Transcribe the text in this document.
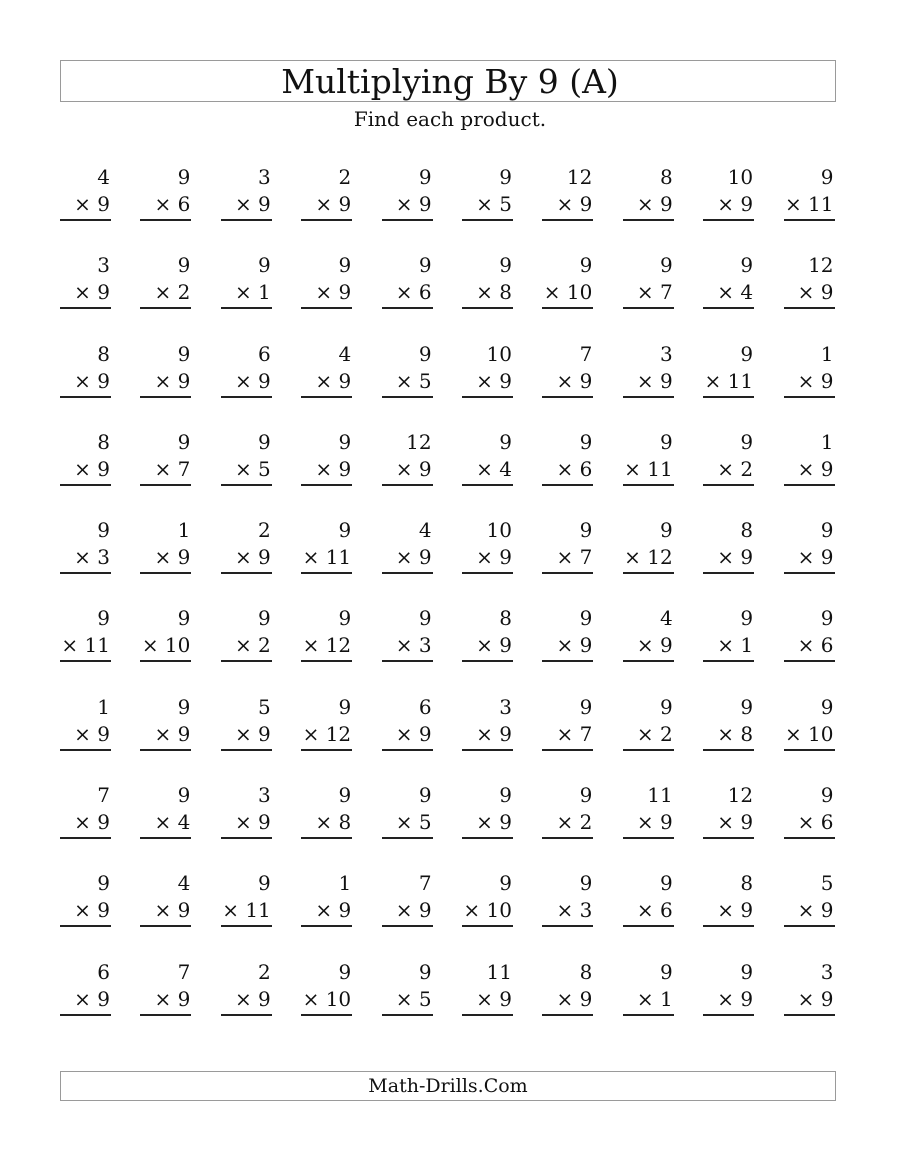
Multiplying By 9 (A)
Find each product.
4
× 9
9
× 6
3
× 9
2
× 9
9
× 9
9
× 5
12
× 9
8
× 9
10
× 9
9
× 11
3
× 9
9
× 2
9
× 1
9
× 9
9
× 6
9
× 8
9
× 10
9
× 7
9
× 4
12
× 9
8
× 9
9
× 9
6
× 9
4
× 9
9
× 5
10
× 9
7
× 9
3
× 9
9
× 11
1
× 9
8
× 9
9
× 7
9
× 5
9
× 9
12
× 9
9
× 4
9
× 6
9
× 11
9
× 2
1
× 9
9
× 3
1
× 9
2
× 9
9
× 11
4
× 9
10
× 9
9
× 7
9
× 12
8
× 9
9
× 9
9
× 11
9
× 10
9
× 2
9
× 12
9
× 3
8
× 9
9
× 9
4
× 9
9
× 1
9
× 6
1
× 9
9
× 9
5
× 9
9
× 12
6
× 9
3
× 9
9
× 7
9
× 2
9
× 8
9
× 10
7
× 9
9
× 4
3
× 9
9
× 8
9
× 5
9
× 9
9
× 2
11
× 9
12
× 9
9
× 6
9
× 9
4
× 9
9
× 11
1
× 9
7
× 9
9
× 10
9
× 3
9
× 6
8
× 9
5
× 9
6
× 9
7
× 9
2
× 9
9
× 10
9
× 5
11
× 9
8
× 9
9
× 1
9
× 9
3
× 9
Math-Drills.Com
